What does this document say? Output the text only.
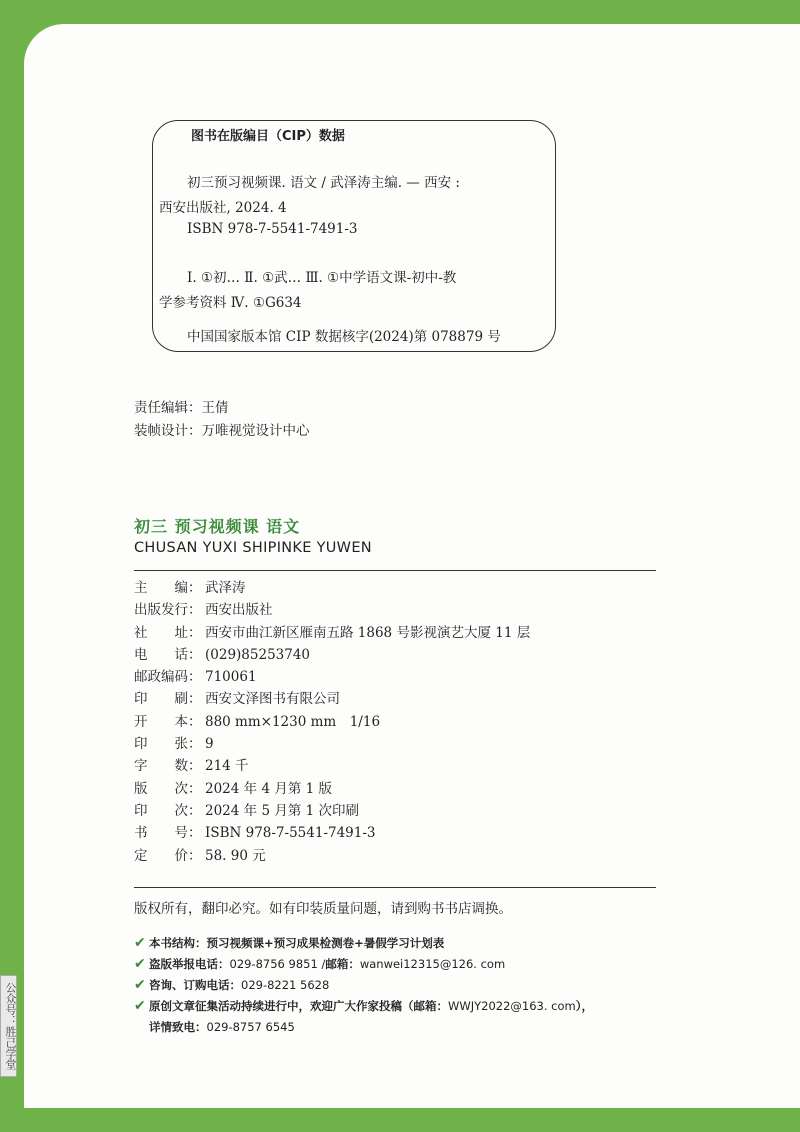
图书在版编目（CIP）数据
初三预习视频课. 语文 / 武泽涛主编. — 西安 :
西安出版社, 2024. 4
ISBN 978-7-5541-7491-3
Ⅰ. ①初… Ⅱ. ①武… Ⅲ. ①中学语文课-初中-教
学参考资料 Ⅳ. ①G634
中国国家版本馆 CIP 数据核字(2024)第 078879 号
责任编辑：王倩
装帧设计：万唯视觉设计中心
初三 预习视频课 语文
CHUSAN YUXI SHIPINKE YUWEN
主　　编： 武泽涛
出版发行： 西安出版社
社　　址： 西安市曲江新区雁南五路 1868 号影视演艺大厦 11 层
电　　话： (029)85253740
邮政编码： 710061
印　　刷： 西安文泽图书有限公司
开　　本： 880 mm×1230 mm　1/16
印　　张： 9
字　　数： 214 千
版　　次： 2024 年 4 月第 1 版
印　　次： 2024 年 5 月第 1 次印刷
书　　号： ISBN 978-7-5541-7491-3
定　　价： 58. 90 元
版权所有，翻印必究。如有印装质量问题，请到购书书店调换。
✔ 本书结构： 预习视频课+预习成果检测卷+暑假学习计划表
✔ 盗版举报电话： 029-8756 9851 / 邮箱： wanwei12315@126. com
✔ 咨询、订购电话： 029-8221 5628
✔ 原创文章征集活动持续进行中，欢迎广大作家投稿（邮箱： WWJY2022@163. com ），
详情致电： 029-8757 6545
公众号：胜己学堂
